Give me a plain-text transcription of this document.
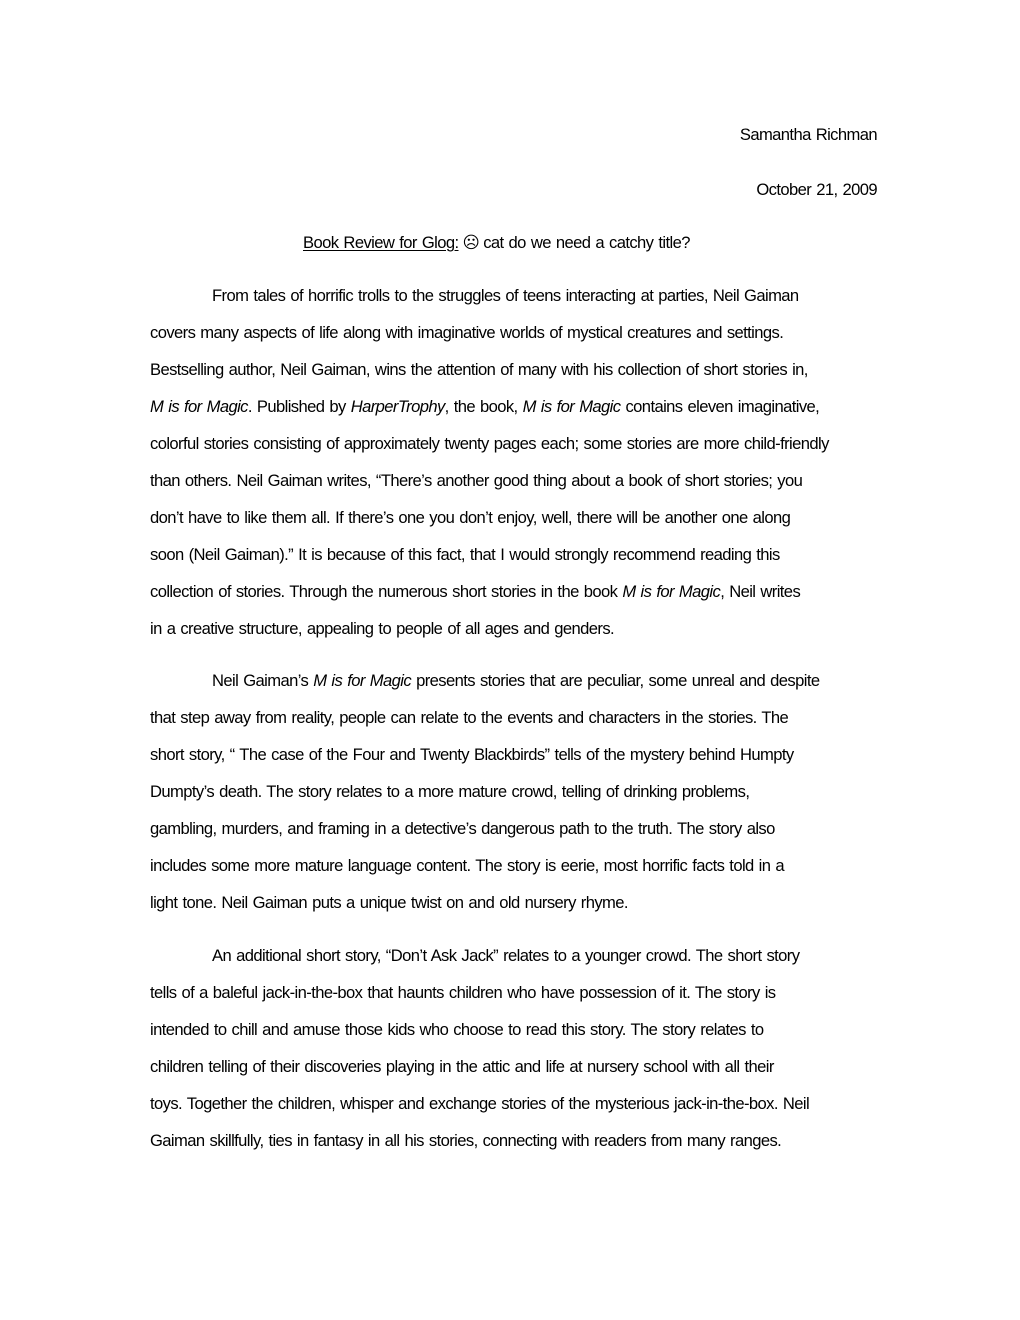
Samantha Richman
October 21, 2009
Book Review for Glog: ☹ cat do we need a catchy title?
From tales of horrific trolls to the struggles of teens interacting at parties, Neil Gaiman
covers many aspects of life along with imaginative worlds of mystical creatures and settings.
Bestselling author, Neil Gaiman, wins the attention of many with his collection of short stories in,
M is for Magic. Published by HarperTrophy, the book, M is for Magic contains eleven imaginative,
colorful stories consisting of approximately twenty pages each; some stories are more child-friendly
than others. Neil Gaiman writes, “There’s another good thing about a book of short stories; you
don’t have to like them all. If there’s one you don’t enjoy, well, there will be another one along
soon (Neil Gaiman).” It is because of this fact, that I would strongly recommend reading this
collection of stories. Through the numerous short stories in the book M is for Magic, Neil writes
in a creative structure, appealing to people of all ages and genders.
Neil Gaiman’s M is for Magic presents stories that are peculiar, some unreal and despite
that step away from reality, people can relate to the events and characters in the stories. The
short story, “ The case of the Four and Twenty Blackbirds” tells of the mystery behind Humpty
Dumpty’s death. The story relates to a more mature crowd, telling of drinking problems,
gambling, murders, and framing in a detective’s dangerous path to the truth. The story also
includes some more mature language content. The story is eerie, most horrific facts told in a
light tone. Neil Gaiman puts a unique twist on and old nursery rhyme.
An additional short story, “Don’t Ask Jack” relates to a younger crowd. The short story
tells of a baleful jack-in-the-box that haunts children who have possession of it. The story is
intended to chill and amuse those kids who choose to read this story. The story relates to
children telling of their discoveries playing in the attic and life at nursery school with all their
toys. Together the children, whisper and exchange stories of the mysterious jack-in-the-box. Neil
Gaiman skillfully, ties in fantasy in all his stories, connecting with readers from many ranges.
